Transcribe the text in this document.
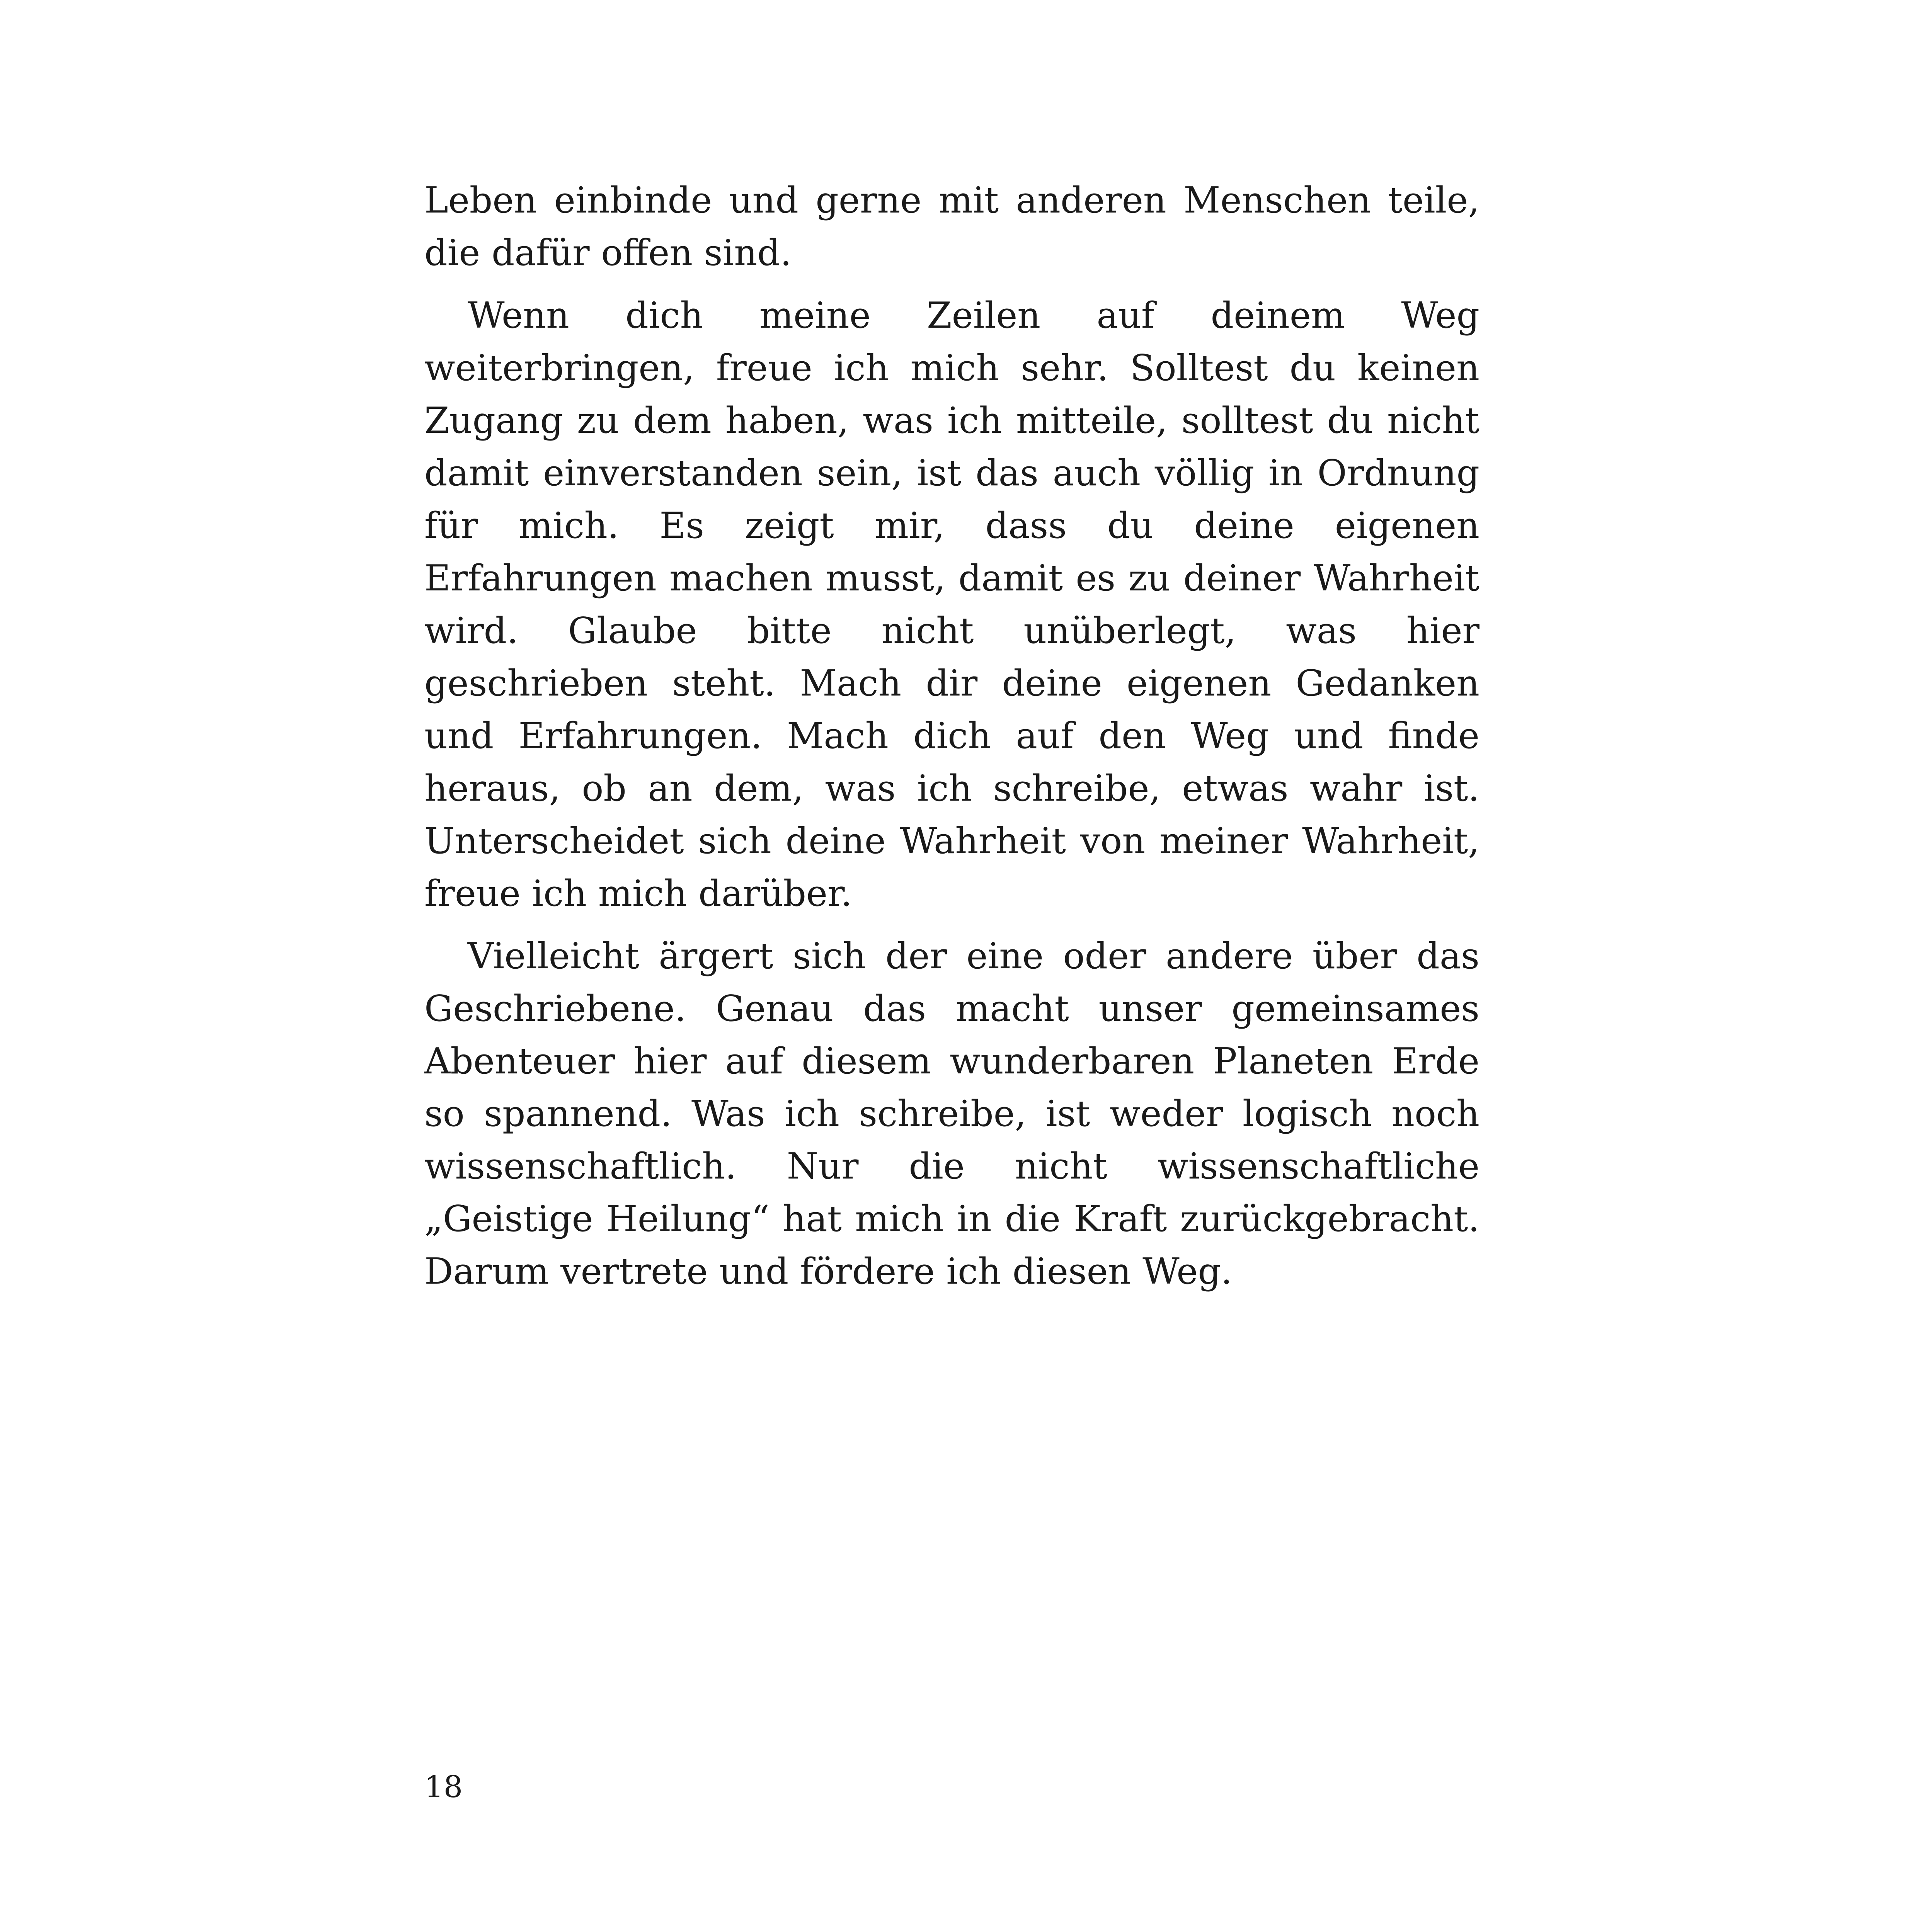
Leben einbinde und gerne mit anderen Menschen teile, die dafür offen sind.

Wenn dich meine Zeilen auf deinem Weg weiterbringen, freue ich mich sehr. Solltest du keinen Zugang zu dem haben, was ich mitteile, solltest du nicht damit einverstanden sein, ist das auch völlig in Ordnung für mich. Es zeigt mir, dass du deine eigenen Erfahrungen machen musst, damit es zu deiner Wahrheit wird. Glaube bitte nicht unüberlegt, was hier geschrieben steht. Mach dir deine eigenen Gedanken und Erfahrungen. Mach dich auf den Weg und finde heraus, ob an dem, was ich schreibe, etwas wahr ist. Unterscheidet sich deine Wahrheit von meiner Wahrheit, freue ich mich darüber.

Vielleicht ärgert sich der eine oder andere über das Geschriebene. Genau das macht unser gemeinsames Abenteuer hier auf diesem wunderbaren Planeten Erde so spannend. Was ich schreibe, ist weder logisch noch wissenschaftlich. Nur die nicht wissenschaftliche „Geistige Heilung“ hat mich in die Kraft zurückgebracht. Darum vertrete und fördere ich diesen Weg.

18
